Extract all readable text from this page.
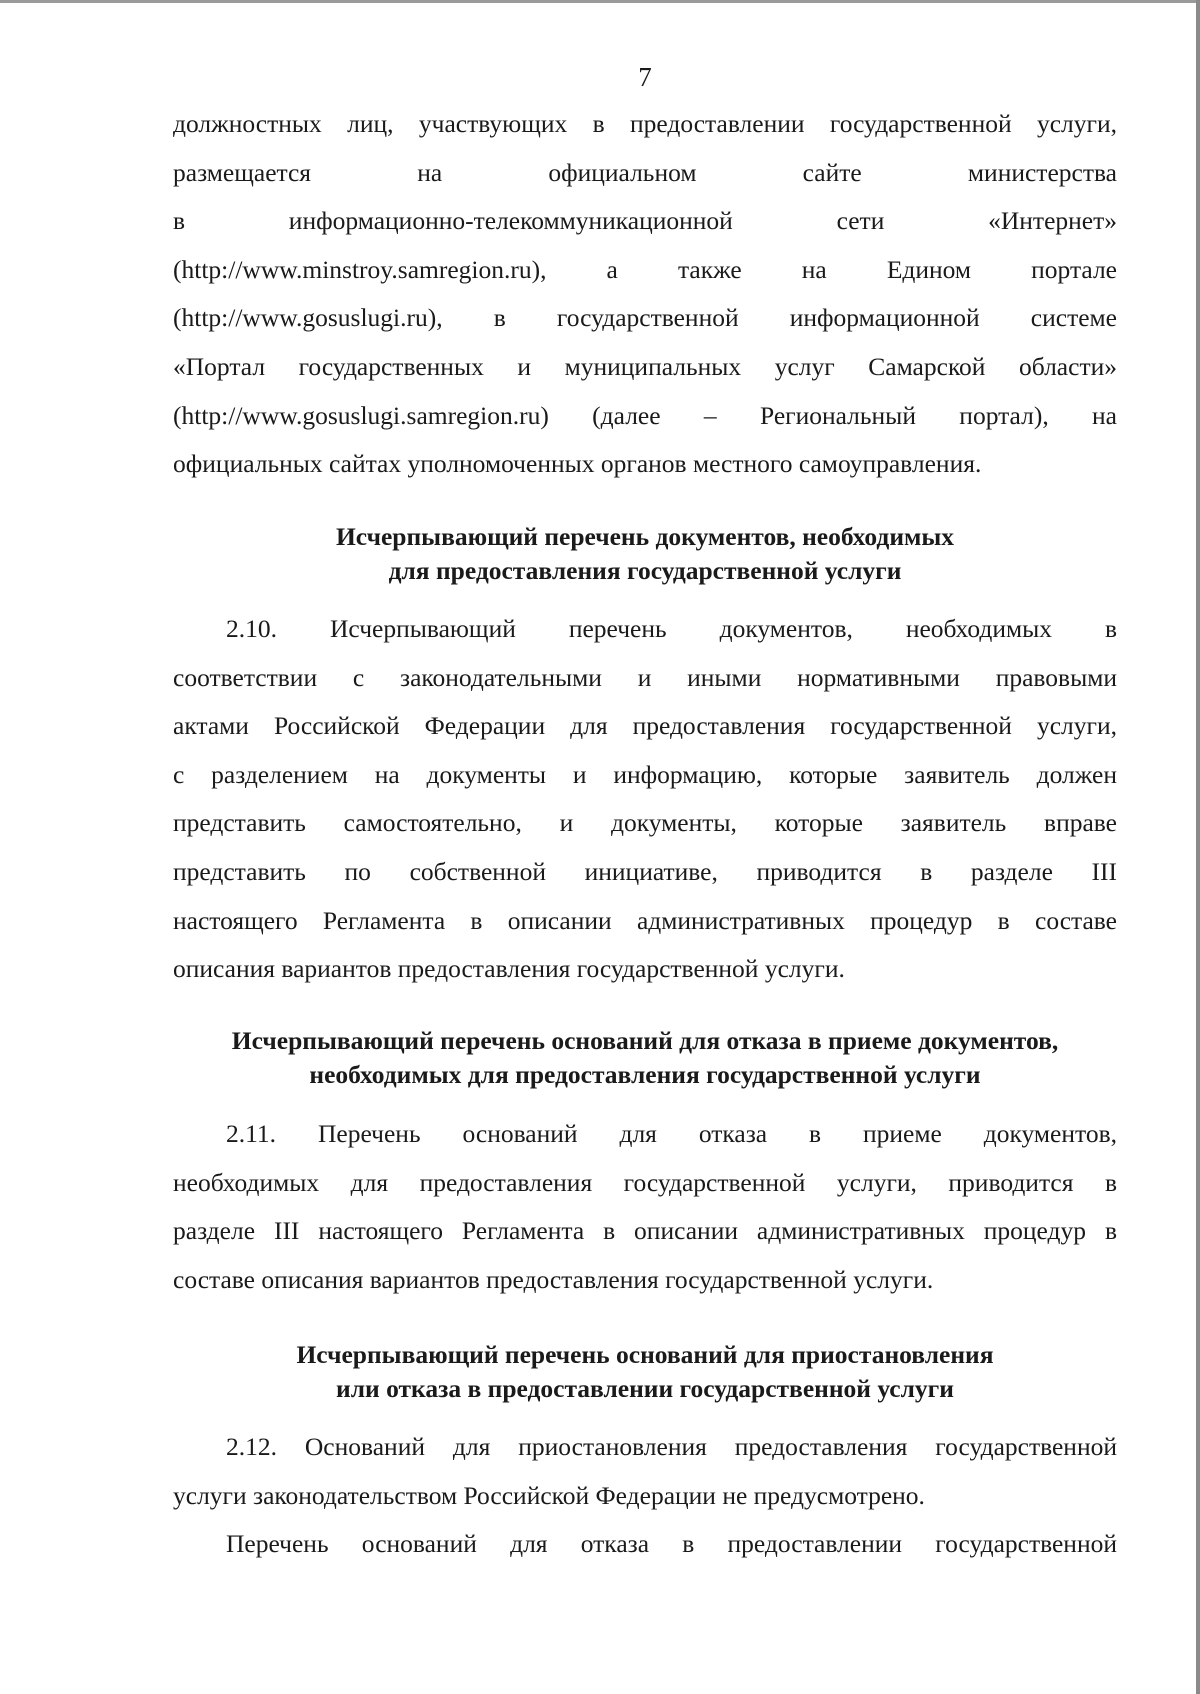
7
должностных лиц, участвующих в предоставлении государственной услуги,
размещается на официальном сайте министерства
в информационно-телекоммуникационной сети «Интернет»
(http://www.minstroy.samregion.ru), а также на Едином портале
(http://www.gosuslugi.ru), в государственной информационной системе
«Портал государственных и муниципальных услуг Самарской области»
(http://www.gosuslugi.samregion.ru) (далее – Региональный портал), на
официальных сайтах уполномоченных органов местного самоуправления.
Исчерпывающий перечень документов, необходимых
для предоставления государственной услуги
2.10. Исчерпывающий перечень документов, необходимых в
соответствии с законодательными и иными нормативными правовыми
актами Российской Федерации для предоставления государственной услуги,
с разделением на документы и информацию, которые заявитель должен
представить самостоятельно, и документы, которые заявитель вправе
представить по собственной инициативе, приводится в разделе III
настоящего Регламента в описании административных процедур в составе
описания вариантов предоставления государственной услуги.
Исчерпывающий перечень оснований для отказа в приеме документов,
необходимых для предоставления государственной услуги
2.11. Перечень оснований для отказа в приеме документов,
необходимых для предоставления государственной услуги, приводится в
разделе III настоящего Регламента в описании административных процедур в
составе описания вариантов предоставления государственной услуги.
Исчерпывающий перечень оснований для приостановления
или отказа в предоставлении государственной услуги
2.12. Оснований для приостановления предоставления государственной
услуги законодательством Российской Федерации не предусмотрено.
Перечень оснований для отказа в предоставлении государственной
